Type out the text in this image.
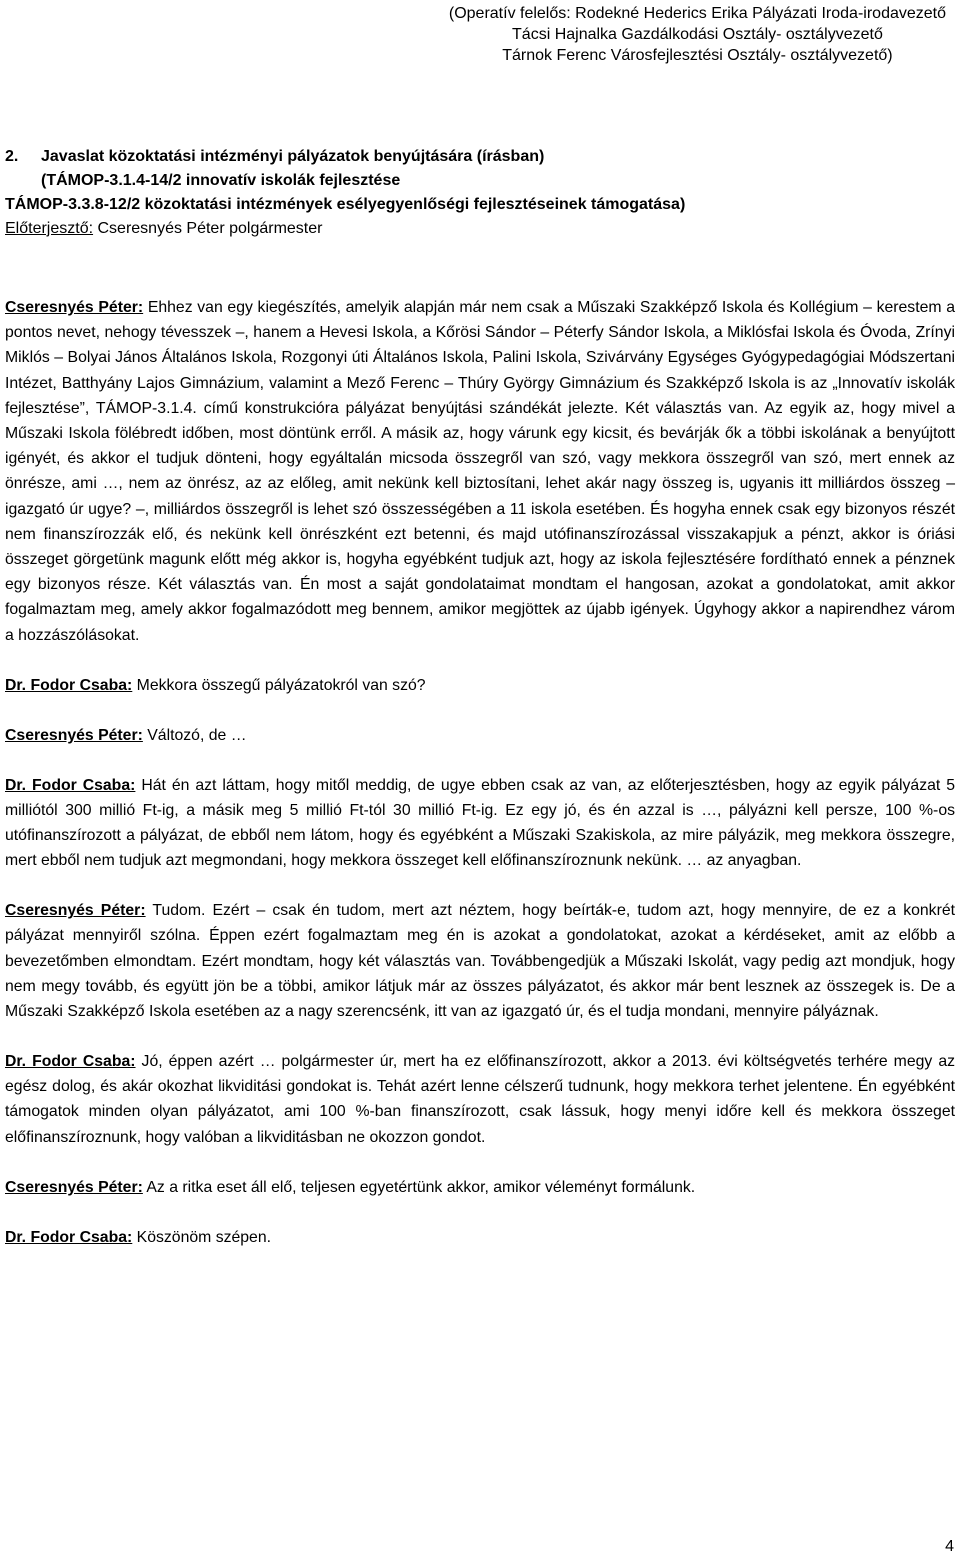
(Operatív felelős: Rodekné Hederics Erika Pályázati Iroda-irodavezető
Tácsi Hajnalka Gazdálkodási Osztály- osztályvezető
Tárnok Ferenc Városfejlesztési Osztály- osztályvezető)
2.	Javaslat közoktatási intézményi pályázatok benyújtására (írásban)
(TÁMOP-3.1.4-14/2 innovatív iskolák fejlesztése
TÁMOP-3.3.8-12/2 közoktatási intézmények esélyegyenlőségi fejlesztéseinek támogatása)
Előterjesztő: Cseresnyés Péter polgármester

Cseresnyés Péter: Ehhez van egy kiegészítés, amelyik alapján már nem csak a Műszaki Szakképző Iskola és Kollégium – kerestem a pontos nevet, nehogy tévesszek –, hanem a Hevesi Iskola, a Kőrösi Sándor – Péterfy Sándor Iskola, a Miklósfai Iskola és Óvoda, Zrínyi Miklós – Bolyai János Általános Iskola, Rozgonyi úti Általános Iskola, Palini Iskola, Szivárvány Egységes Gyógypedagógiai Módszertani Intézet, Batthyány Lajos Gimnázium, valamint a Mező Ferenc – Thúry György Gimnázium és Szakképző Iskola is az „Innovatív iskolák fejlesztése”, TÁMOP-3.1.4. című konstrukcióra pályázat benyújtási szándékát jelezte. Két választás van. Az egyik az, hogy mivel a Műszaki Iskola fölébredt időben, most döntünk erről. A másik az, hogy várunk egy kicsit, és bevárják ők a többi iskolának a benyújtott igényét, és akkor el tudjuk dönteni, hogy egyáltalán micsoda összegről van szó, vagy mekkora összegről van szó, mert ennek az önrésze, ami …, nem az önrész, az az előleg, amit nekünk kell biztosítani, lehet akár nagy összeg is, ugyanis itt milliárdos összeg – igazgató úr ugye? –, milliárdos összegről is lehet szó összességében a 11 iskola esetében. És hogyha ennek csak egy bizonyos részét nem finanszírozzák elő, és nekünk kell önrészként ezt betenni, és majd utófinanszírozással visszakapjuk a pénzt, akkor is óriási összeget görgetünk magunk előtt még akkor is, hogyha egyébként tudjuk azt, hogy az iskola fejlesztésére fordítható ennek a pénznek egy bizonyos része. Két választás van. Én most a saját gondolataimat mondtam el hangosan, azokat a gondolatokat, amit akkor fogalmaztam meg, amely akkor fogalmazódott meg bennem, amikor megjöttek az újabb igények. Úgyhogy akkor a napirendhez várom a hozzászólásokat.

Dr. Fodor Csaba: Mekkora összegű pályázatokról van szó?

Cseresnyés Péter: Változó, de …

Dr. Fodor Csaba: Hát én azt láttam, hogy mitől meddig, de ugye ebben csak az van, az előterjesztésben, hogy az egyik pályázat 5 milliótól 300 millió Ft-ig, a másik meg 5 millió Ft-tól 30 millió Ft-ig. Ez egy jó, és én azzal is …, pályázni kell persze, 100 %-os utófinanszírozott a pályázat, de ebből nem látom, hogy és egyébként a Műszaki Szakiskola, az mire pályázik, meg mekkora összegre, mert ebből nem tudjuk azt megmondani, hogy mekkora összeget kell előfinanszíroznunk nekünk. … az anyagban.

Cseresnyés Péter: Tudom. Ezért – csak én tudom, mert azt néztem, hogy beírták-e, tudom azt, hogy mennyire, de ez a konkrét pályázat mennyiről szólna. Éppen ezért fogalmaztam meg én is azokat a gondolatokat, azokat a kérdéseket, amit az előbb a bevezetőmben elmondtam. Ezért mondtam, hogy két választás van. Továbbengedjük a Műszaki Iskolát, vagy pedig azt mondjuk, hogy nem megy tovább, és együtt jön be a többi, amikor látjuk már az összes pályázatot, és akkor már bent lesznek az összegek is. De a Műszaki Szakképző Iskola esetében az a nagy szerencsénk, itt van az igazgató úr, és el tudja mondani, mennyire pályáznak.

Dr. Fodor Csaba: Jó, éppen azért … polgármester úr, mert ha ez előfinanszírozott, akkor a 2013. évi költségvetés terhére megy az egész dolog, és akár okozhat likviditási gondokat is. Tehát azért lenne célszerű tudnunk, hogy mekkora terhet jelentene. Én egyébként támogatok minden olyan pályázatot, ami 100 %-ban finanszírozott, csak lássuk, hogy menyi időre kell és mekkora összeget előfinanszíroznunk, hogy valóban a likviditásban ne okozzon gondot.

Cseresnyés Péter: Az a ritka eset áll elő, teljesen egyetértünk akkor, amikor véleményt formálunk.

Dr. Fodor Csaba: Köszönöm szépen.

4
